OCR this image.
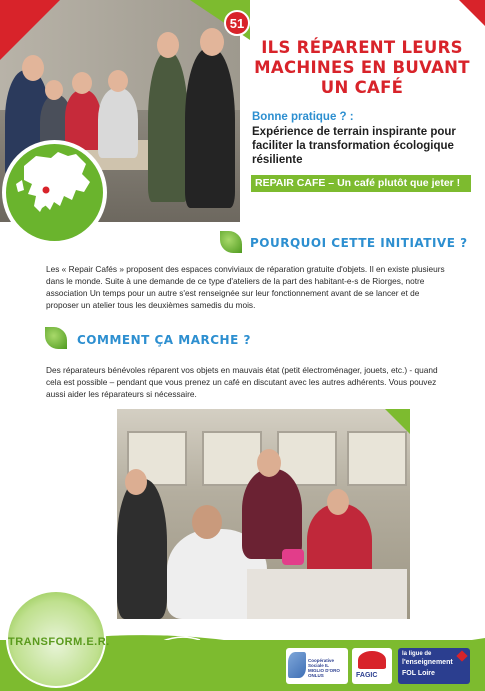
51
ILS RÉPARENT LEURS MACHINES EN BUVANT UN CAFÉ
Bonne pratique ? :
Expérience de terrain inspirante pour faciliter la transformation écologique résiliente
REPAIR CAFE – Un café plutôt que jeter !
POURQUOI CETTE INITIATIVE ?

Les « Repair Cafés » proposent des espaces conviviaux de réparation gratuite d'objets. Il en existe plusieurs dans le monde. Suite à une demande de ce type d'ateliers de la part des habitant-e-s de Riorges, notre association Un temps pour un autre s'est renseignée sur leur fonctionnement avant de se lancer et de proposer un atelier tous les deuxièmes samedis du mois.

COMMENT ÇA MARCHE ?

Des réparateurs bénévoles réparent vos objets en mauvais état (petit électroménager, jouets, etc.) - quand cela est possible – pendant que vous prenez un café en discutant avec les autres adhérents. Vous pouvez aussi aider les réparateurs si nécessaire.

TRANSFORM.E.R.
Coopérative Sociale IL MIGLIO D'ORO ONLUS	FAGIC
la ligue de
l'enseignement
FOL Loire
